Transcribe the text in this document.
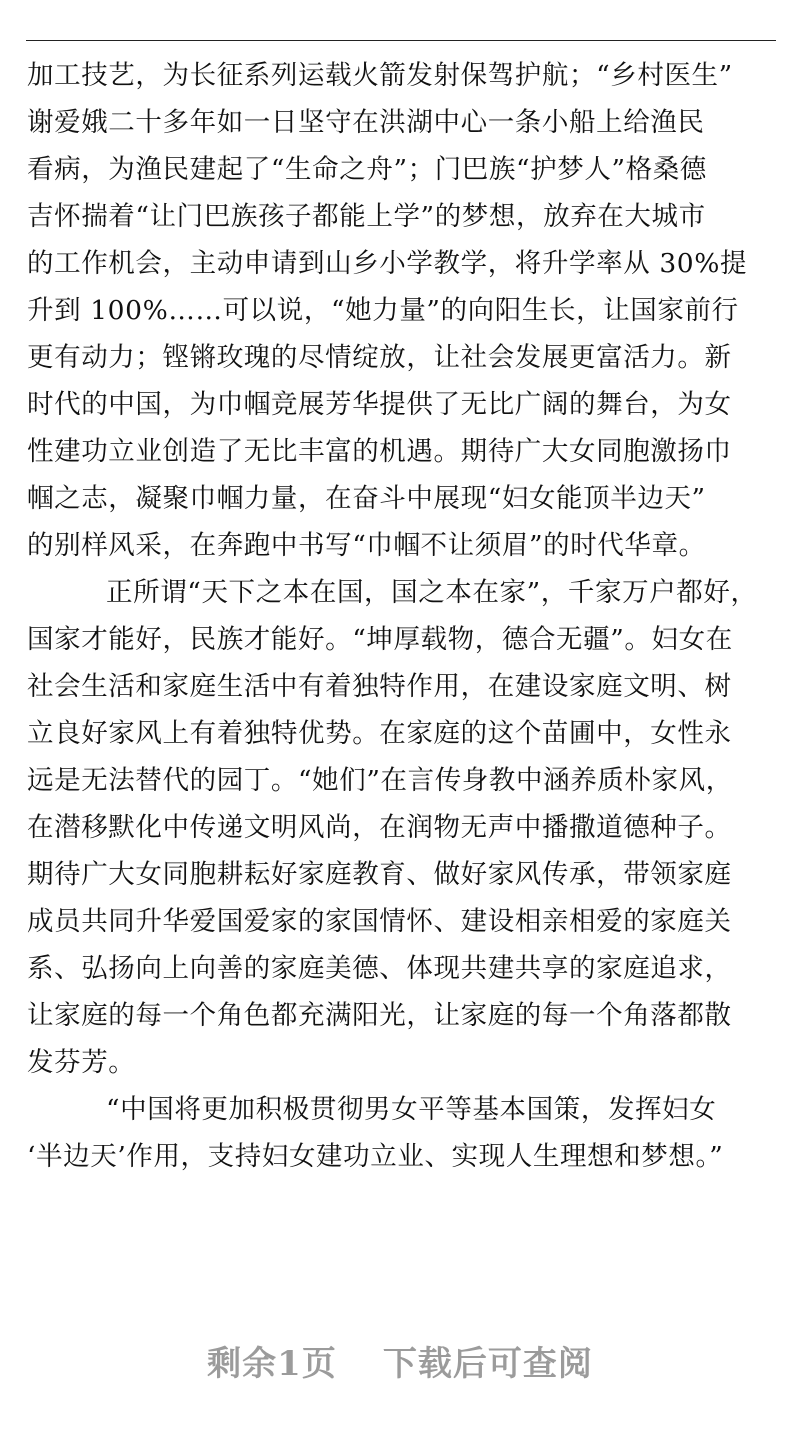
加工技艺，为长征系列运载火箭发射保驾护航；“乡村医生”
谢爱娥二十多年如一日坚守在洪湖中心一条小船上给渔民
看病，为渔民建起了“生命之舟”；门巴族“护梦人”格桑德
吉怀揣着“让门巴族孩子都能上学”的梦想，放弃在大城市
的工作机会，主动申请到山乡小学教学，将升学率从 30%提
升到 100%……可以说，“她力量”的向阳生长，让国家前行
更有动力；铿锵玫瑰的尽情绽放，让社会发展更富活力。新
时代的中国，为巾帼竞展芳华提供了无比广阔的舞台，为女
性建功立业创造了无比丰富的机遇。期待广大女同胞激扬巾
帼之志，凝聚巾帼力量，在奋斗中展现“妇女能顶半边天”
的别样风采，在奔跑中书写“巾帼不让须眉”的时代华章。
正所谓“天下之本在国，国之本在家”，千家万户都好，
国家才能好，民族才能好。“坤厚载物，德合无疆”。妇女在
社会生活和家庭生活中有着独特作用，在建设家庭文明、树
立良好家风上有着独特优势。在家庭的这个苗圃中，女性永
远是无法替代的园丁。“她们”在言传身教中涵养质朴家风，
在潜移默化中传递文明风尚，在润物无声中播撒道德种子。
期待广大女同胞耕耘好家庭教育、做好家风传承，带领家庭
成员共同升华爱国爱家的家国情怀、建设相亲相爱的家庭关
系、弘扬向上向善的家庭美德、体现共建共享的家庭追求，
让家庭的每一个角色都充满阳光，让家庭的每一个角落都散
发芬芳。
“中国将更加积极贯彻男女平等基本国策，发挥妇女
‘半边天’作用，支持妇女建功立业、实现人生理想和梦想。”
剩余1页 下载后可查阅
